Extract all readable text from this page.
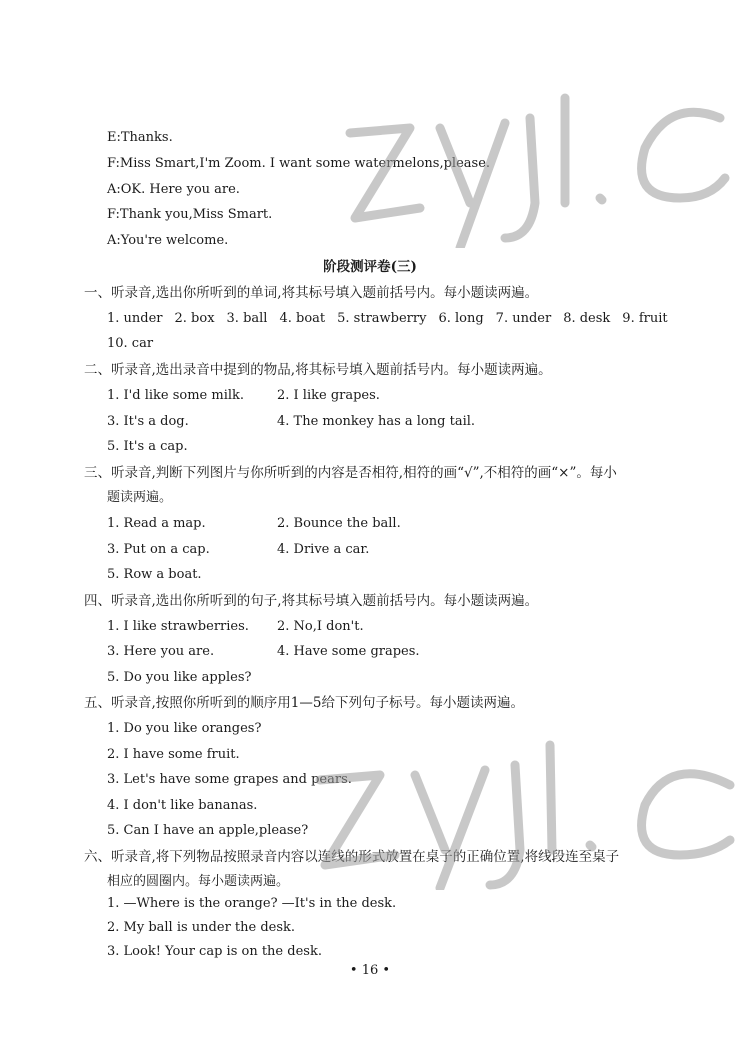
E:Thanks.
F:Miss Smart,I'm Zoom. I want some watermelons,please.
A:OK. Here you are.
F:Thank you,Miss Smart.
A:You're welcome.
阶段测评卷(三)
一、听录音,选出你所听到的单词,将其标号填入题前括号内。每小题读两遍。
1. under 2. box 3. ball 4. boat 5. strawberry 6. long 7. under 8. desk 9. fruit
10. car
二、听录音,选出录音中提到的物品,将其标号填入题前括号内。每小题读两遍。
1. I'd like some milk.	2. I like grapes.
3. It's a dog.	4. The monkey has a long tail.
5. It's a cap.
三、听录音,判断下列图片与你所听到的内容是否相符,相符的画“√”,不相符的画“×”。每小
题读两遍。
1. Read a map.	2. Bounce the ball.
3. Put on a cap.	4. Drive a car.
5. Row a boat.
四、听录音,选出你所听到的句子,将其标号填入题前括号内。每小题读两遍。
1. I like strawberries. 2. No,I don't.
3. Here you are.	4. Have some grapes.
5. Do you like apples?
五、听录音,按照你所听到的顺序用1—5给下列句子标号。每小题读两遍。
1. Do you like oranges?
2. I have some fruit.
3. Let's have some grapes and pears.
4. I don't like bananas.
5. Can I have an apple,please?
六、听录音,将下列物品按照录音内容以连线的形式放置在桌子的正确位置,将线段连至桌子
相应的圆圈内。每小题读两遍。
1. —Where is the orange? —It's in the desk.
2. My ball is under the desk.
3. Look! Your cap is on the desk.
• 16 •
